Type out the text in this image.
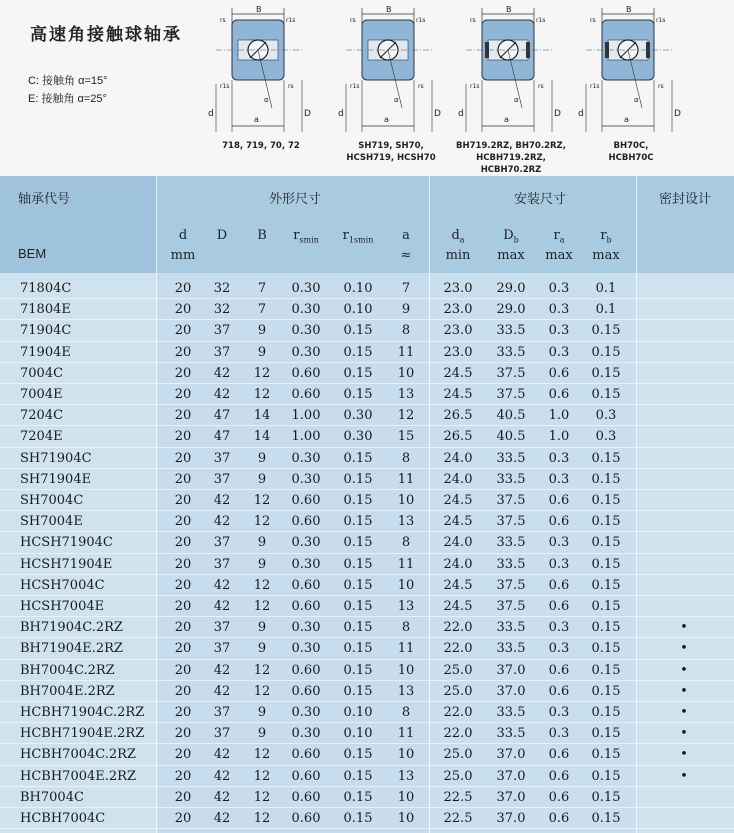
高速角接触球轴承
C: 接触角 α=15°
E: 接触角 α=25°
B
rs	r1s
α
a
d	D
r1s	rs
718, 719, 70, 72
B
rs	r1s
α
a
d	D
r1s	rs
SH719, SH70,
HCSH719, HCSH70
B
rs	r1s
α
a
d	D
r1s	rs
BH719.2RZ, BH70.2RZ,
HCBH719.2RZ, HCBH70.2RZ
B
rs	r1s
α
a
d	D
r1s	rs
BH70C,
HCBH70C
轴承代号
BEM
外形尺寸	安装尺寸	密封设计
d
mm
D	B	$r_{smin}$	$r_{1smin}$	a
≈
$d_a$
min
$D_b$
max
$r_a$
max
$r_b$
max
71804C	20	32	7	0.30	0.10	7	23.0	29.0	0.3	0.1
71804E	20	32	7	0.30	0.10	9	23.0	29.0	0.3	0.1
71904C	20	37	9	0.30	0.15	8	23.0	33.5	0.3	0.15
71904E	20	37	9	0.30	0.15	11	23.0	33.5	0.3	0.15
7004C	20	42	12	0.60	0.15	10	24.5	37.5	0.6	0.15
7004E	20	42	12	0.60	0.15	13	24.5	37.5	0.6	0.15
7204C	20	47	14	1.00	0.30	12	26.5	40.5	1.0	0.3
7204E	20	47	14	1.00	0.30	15	26.5	40.5	1.0	0.3
SH71904C	20	37	9	0.30	0.15	8	24.0	33.5	0.3	0.15
SH71904E	20	37	9	0.30	0.15	11	24.0	33.5	0.3	0.15
SH7004C	20	42	12	0.60	0.15	10	24.5	37.5	0.6	0.15
SH7004E	20	42	12	0.60	0.15	13	24.5	37.5	0.6	0.15
HCSH71904C	20	37	9	0.30	0.15	8	24.0	33.5	0.3	0.15
HCSH71904E	20	37	9	0.30	0.15	11	24.0	33.5	0.3	0.15
HCSH7004C	20	42	12	0.60	0.15	10	24.5	37.5	0.6	0.15
HCSH7004E	20	42	12	0.60	0.15	13	24.5	37.5	0.6	0.15
BH71904C.2RZ	20	37	9	0.30	0.15	8	22.0	33.5	0.3	0.15	•
BH71904E.2RZ	20	37	9	0.30	0.15	11	22.0	33.5	0.3	0.15	•
BH7004C.2RZ	20	42	12	0.60	0.15	10	25.0	37.0	0.6	0.15	•
BH7004E.2RZ	20	42	12	0.60	0.15	13	25.0	37.0	0.6	0.15	•
HCBH71904C.2RZ	20	37	9	0.30	0.10	8	22.0	33.5	0.3	0.15	•
HCBH71904E.2RZ	20	37	9	0.30	0.10	11	22.0	33.5	0.3	0.15	•
HCBH7004C.2RZ	20	42	12	0.60	0.15	10	25.0	37.0	0.6	0.15	•
HCBH7004E.2RZ	20	42	12	0.60	0.15	13	25.0	37.0	0.6	0.15	•
BH7004C	20	42	12	0.60	0.15	10	22.5	37.0	0.6	0.15
HCBH7004C	20	42	12	0.60	0.15	10	22.5	37.0	0.6	0.15
